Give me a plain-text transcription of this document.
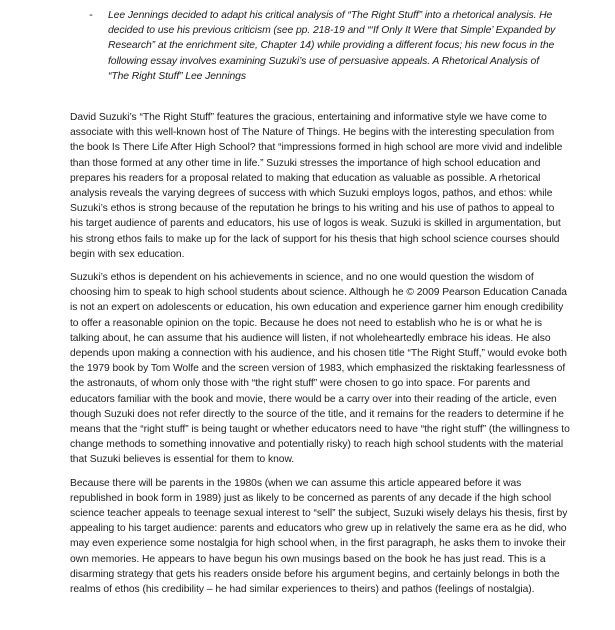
- Lee Jennings decided to adapt his critical analysis of “The Right Stuff” into a rhetorical analysis. He decided to use his previous criticism (see pp. 218-19 and “‘If Only It Were that Simple’ Expanded by Research” at the enrichment site, Chapter 14) while providing a different focus; his new focus in the following essay involves examining Suzuki’s use of persuasive appeals. A Rhetorical Analysis of “The Right Stuff” Lee Jennings

David Suzuki’s “The Right Stuff” features the gracious, entertaining and informative style we have come to associate with this well-known host of The Nature of Things. He begins with the interesting speculation from the book Is There Life After High School? that “impressions formed in high school are more vivid and indelible than those formed at any other time in life.” Suzuki stresses the importance of high school education and prepares his readers for a proposal related to making that education as valuable as possible. A rhetorical analysis reveals the varying degrees of success with which Suzuki employs logos, pathos, and ethos: while Suzuki’s ethos is strong because of the reputation he brings to his writing and his use of pathos to appeal to his target audience of parents and educators, his use of logos is weak. Suzuki is skilled in argumentation, but his strong ethos fails to make up for the lack of support for his thesis that high school science courses should begin with sex education.

Suzuki’s ethos is dependent on his achievements in science, and no one would question the wisdom of choosing him to speak to high school students about science. Although he © 2009 Pearson Education Canada is not an expert on adolescents or education, his own education and experience garner him enough credibility to offer a reasonable opinion on the topic. Because he does not need to establish who he is or what he is talking about, he can assume that his audience will listen, if not wholeheartedly embrace his ideas. He also depends upon making a connection with his audience, and his chosen title “The Right Stuff,” would evoke both the 1979 book by Tom Wolfe and the screen version of 1983, which emphasized the risktaking fearlessness of the astronauts, of whom only those with “the right stuff” were chosen to go into space. For parents and educators familiar with the book and movie, there would be a carry over into their reading of the article, even though Suzuki does not refer directly to the source of the title, and it remains for the readers to determine if he means that the “right stuff” is being taught or whether educators need to have “the right stuff” (the willingness to change methods to something innovative and potentially risky) to reach high school students with the material that Suzuki believes is essential for them to know.

Because there will be parents in the 1980s (when we can assume this article appeared before it was republished in book form in 1989) just as likely to be concerned as parents of any decade if the high school science teacher appeals to teenage sexual interest to “sell” the subject, Suzuki wisely delays his thesis, first by appealing to his target audience: parents and educators who grew up in relatively the same era as he did, who may even experience some nostalgia for high school when, in the first paragraph, he asks them to invoke their own memories. He appears to have begun his own musings based on the book he has just read. This is a disarming strategy that gets his readers onside before his argument begins, and certainly belongs in both the realms of ethos (his credibility – he had similar experiences to theirs) and pathos (feelings of nostalgia).
